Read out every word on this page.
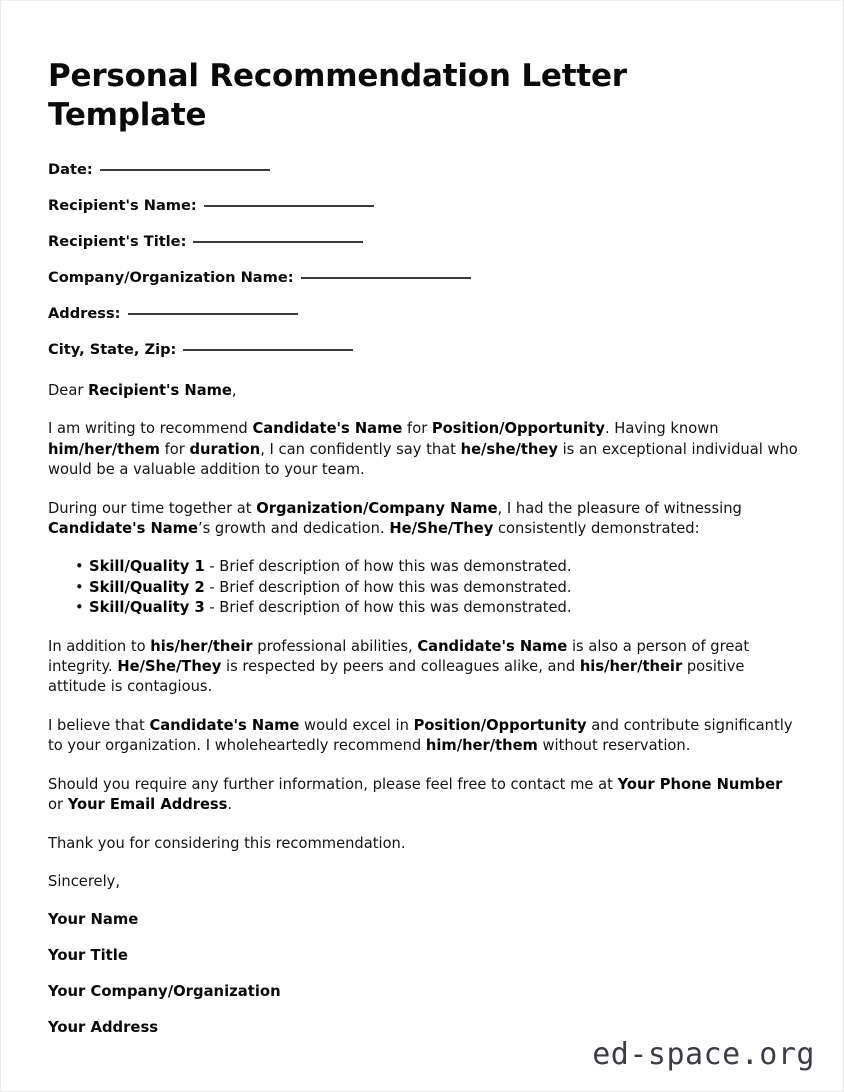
Personal Recommendation Letter Template
Date:
Recipient's Name:
Recipient's Title:
Company/Organization Name:
Address:
City, State, Zip:

Dear Recipient's Name,

I am writing to recommend Candidate's Name for Position/Opportunity. Having known him/her/them for duration, I can confidently say that he/she/they is an exceptional individual who would be a valuable addition to your team.

During our time together at Organization/Company Name, I had the pleasure of witnessing Candidate's Name’s growth and dedication. He/She/They consistently demonstrated:

• Skill/Quality 1 - Brief description of how this was demonstrated.
• Skill/Quality 2 - Brief description of how this was demonstrated.
• Skill/Quality 3 - Brief description of how this was demonstrated.

In addition to his/her/their professional abilities, Candidate's Name is also a person of great integrity. He/She/They is respected by peers and colleagues alike, and his/her/their positive attitude is contagious.

I believe that Candidate's Name would excel in Position/Opportunity and contribute significantly to your organization. I wholeheartedly recommend him/her/them without reservation.

Should you require any further information, please feel free to contact me at Your Phone Number or Your Email Address.

Thank you for considering this recommendation.

Sincerely,

Your Name
Your Title
Your Company/Organization
Your Address
ed-space.org
